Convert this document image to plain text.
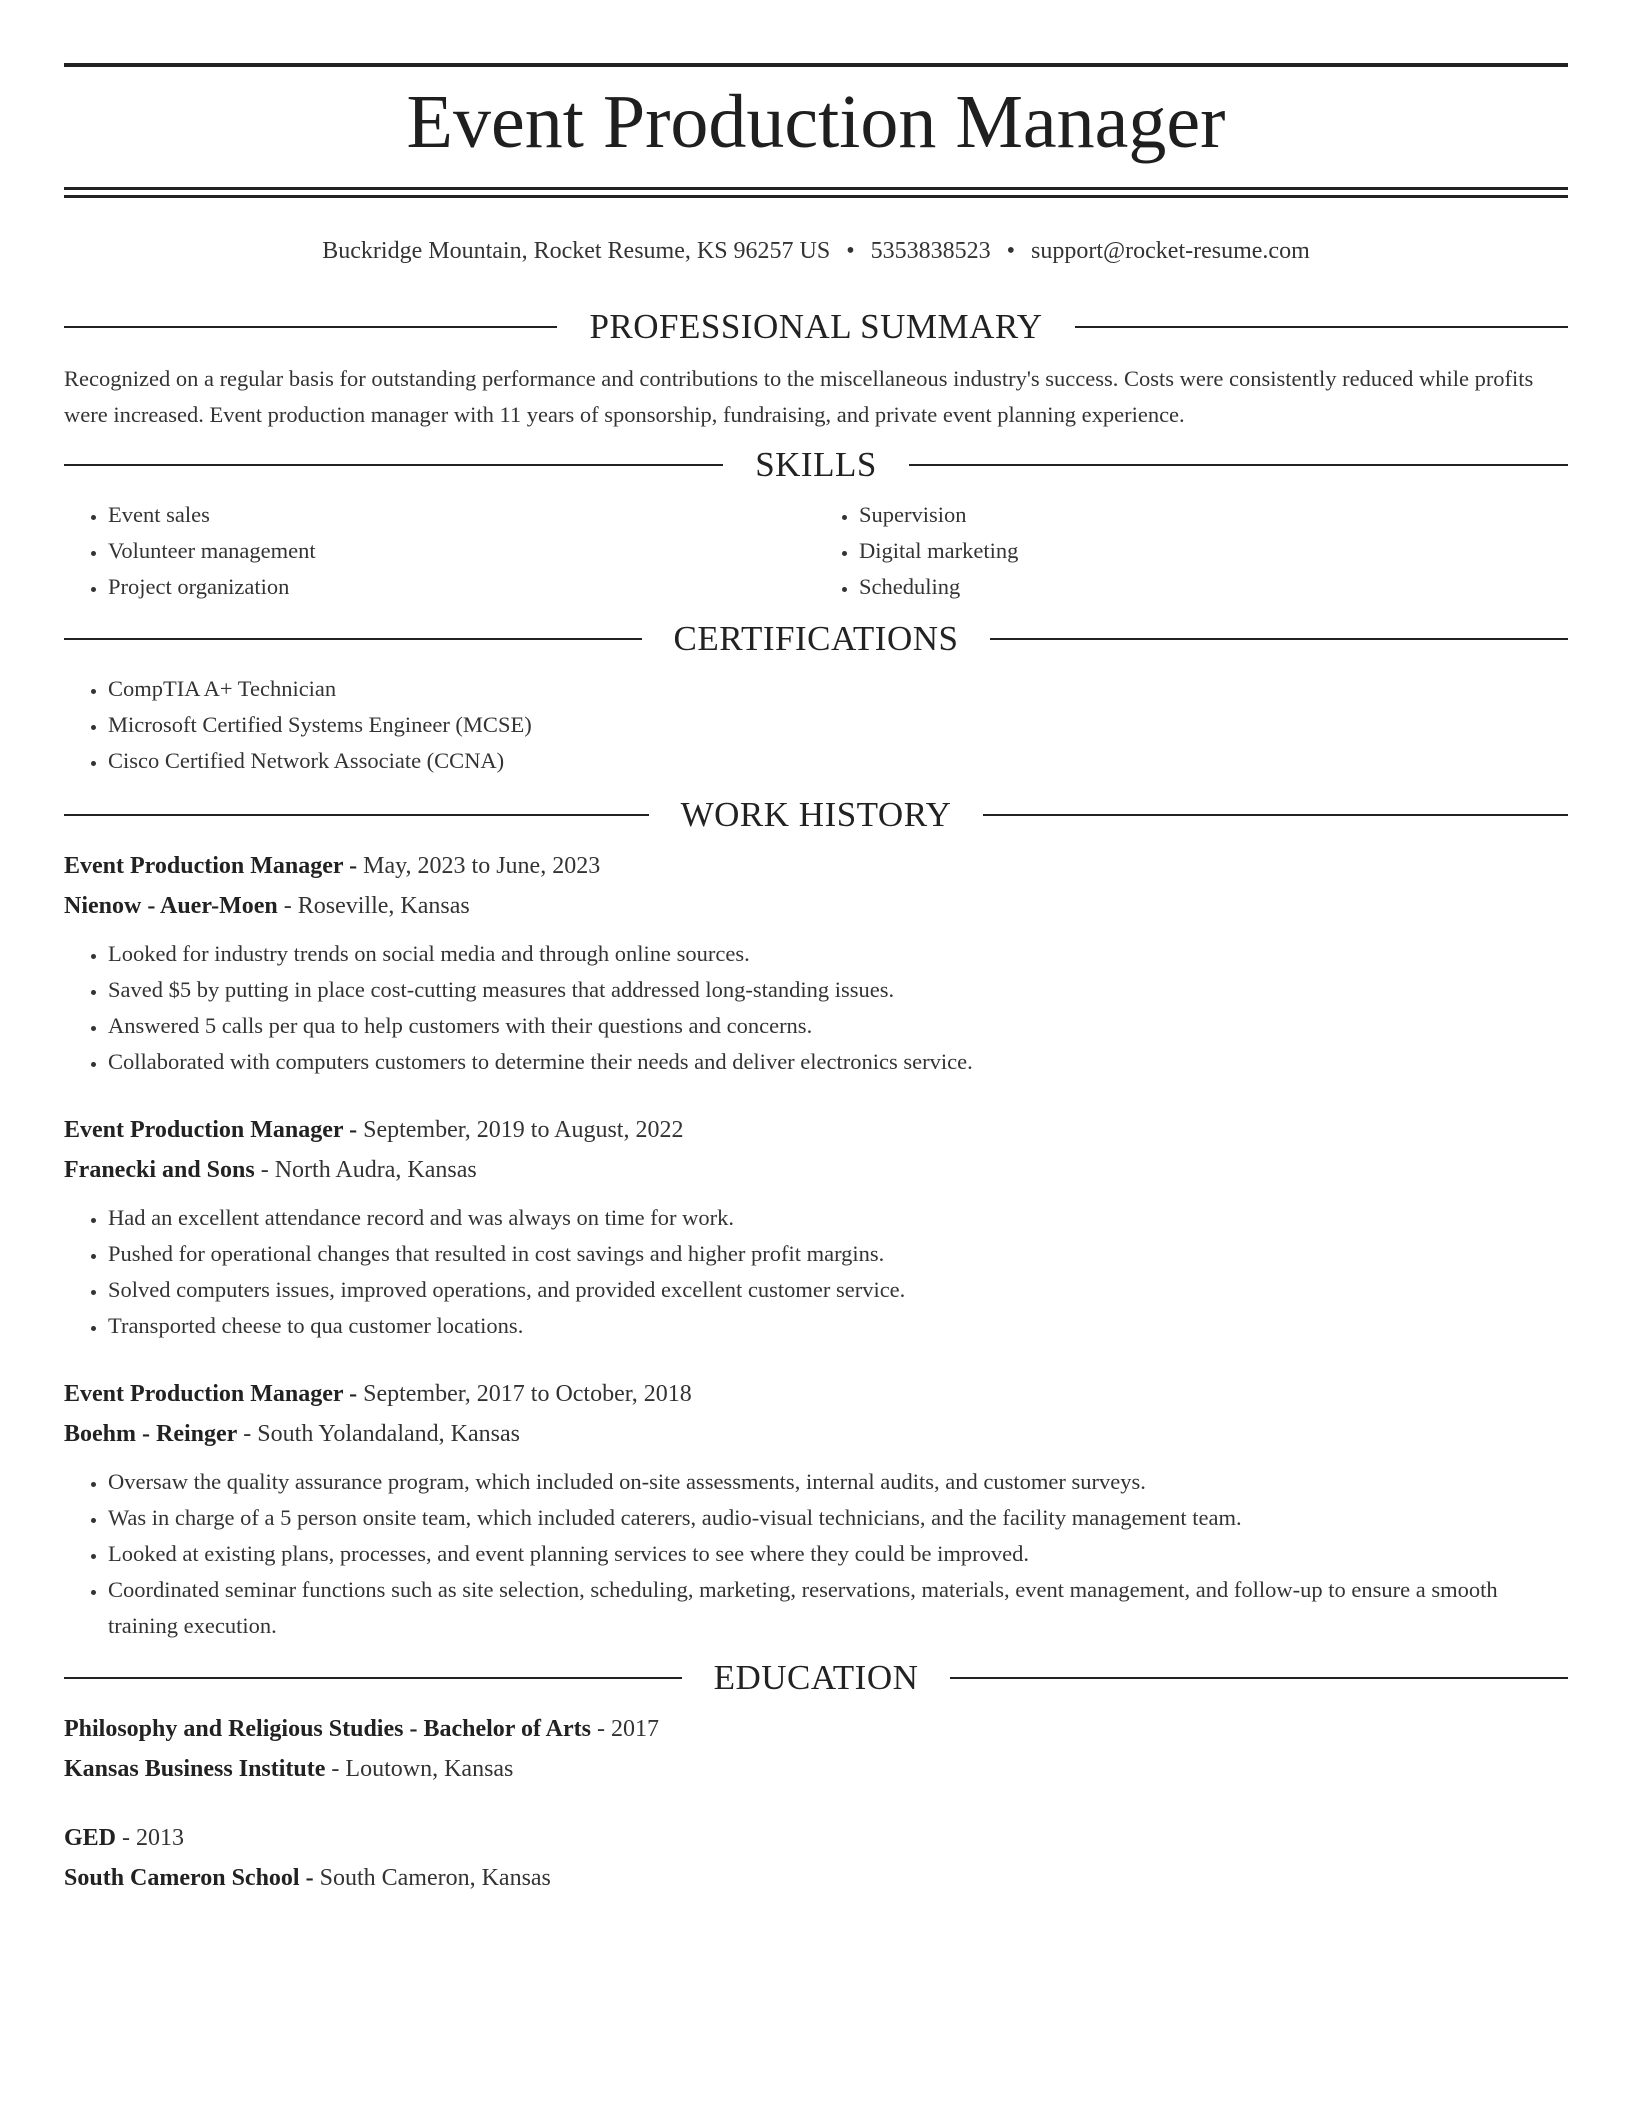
Event Production Manager
Buckridge Mountain, Rocket Resume, KS 96257 US • 5353838523 • support@rocket-resume.com
PROFESSIONAL SUMMARY

Recognized on a regular basis for outstanding performance and contributions to the miscellaneous industry's success. Costs were consistently reduced while profits were increased. Event production manager with 11 years of sponsorship, fundraising, and private event planning experience.

SKILLS
• Event sales
• Volunteer management
• Project organization
• Supervision
• Digital marketing
• Scheduling
CERTIFICATIONS
• CompTIA A+ Technician
• Microsoft Certified Systems Engineer (MCSE)
• Cisco Certified Network Associate (CCNA)
WORK HISTORY
Event Production Manager - May, 2023 to June, 2023
Nienow - Auer-Moen - Roseville, Kansas
• Looked for industry trends on social media and through online sources.
• Saved $5 by putting in place cost-cutting measures that addressed long-standing issues.
• Answered 5 calls per qua to help customers with their questions and concerns.
• Collaborated with computers customers to determine their needs and deliver electronics service.
Event Production Manager - September, 2019 to August, 2022
Franecki and Sons - North Audra, Kansas
• Had an excellent attendance record and was always on time for work.
• Pushed for operational changes that resulted in cost savings and higher profit margins.
• Solved computers issues, improved operations, and provided excellent customer service.
• Transported cheese to qua customer locations.
Event Production Manager - September, 2017 to October, 2018
Boehm - Reinger - South Yolandaland, Kansas
• Oversaw the quality assurance program, which included on-site assessments, internal audits, and customer surveys.
• Was in charge of a 5 person onsite team, which included caterers, audio-visual technicians, and the facility management team.
• Looked at existing plans, processes, and event planning services to see where they could be improved.
• Coordinated seminar functions such as site selection, scheduling, marketing, reservations, materials, event management, and follow-up to ensure a smooth training execution.
EDUCATION
Philosophy and Religious Studies - Bachelor of Arts - 2017
Kansas Business Institute - Loutown, Kansas
GED - 2013
South Cameron School - South Cameron, Kansas
